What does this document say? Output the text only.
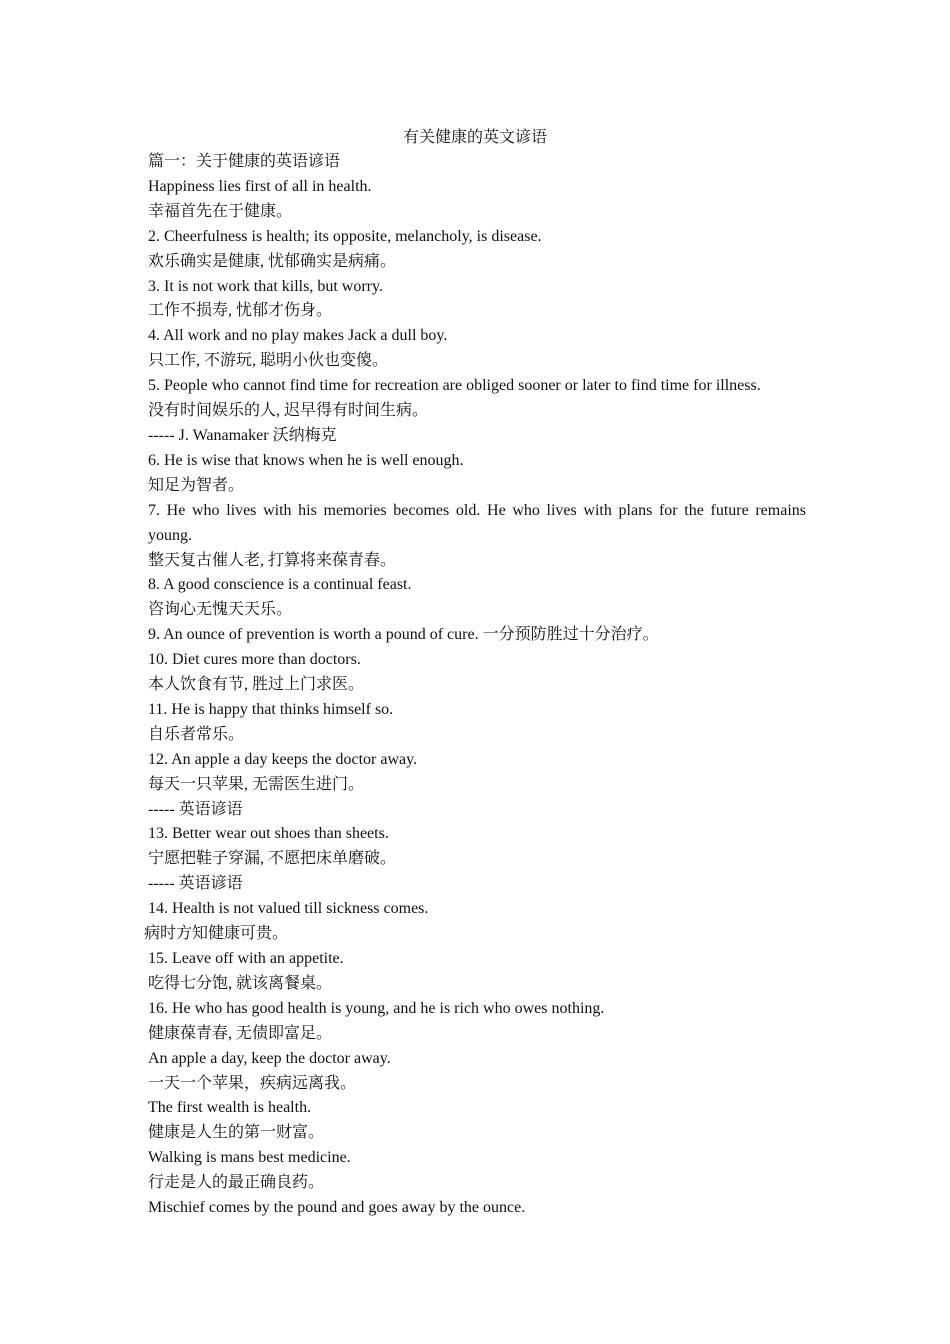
有关健康的英文谚语
篇一：关于健康的英语谚语
Happiness lies first of all in health.
幸福首先在于健康。
2. Cheerfulness is health; its opposite, melancholy, is disease.
欢乐确实是健康, 忧郁确实是病痛。
3. It is not work that kills, but worry.
工作不损寿, 忧郁才伤身。
4. All work and no play makes Jack a dull boy.
只工作, 不游玩, 聪明小伙也变傻。
5. People who cannot find time for recreation are obliged sooner or later to find time for illness.
没有时间娱乐的人, 迟早得有时间生病。
----- J. Wanamaker 沃纳梅克
6. He is wise that knows when he is well enough.
知足为智者。
7. He who lives with his memories becomes old. He who lives with plans for the future remains young.
整天复古催人老, 打算将来葆青春。
8. A good conscience is a continual feast.
咨询心无愧天天乐。
9. An ounce of prevention is worth a pound of cure. 一分预防胜过十分治疗。
10. Diet cures more than doctors.
本人饮食有节, 胜过上门求医。
11. He is happy that thinks himself so.
自乐者常乐。
12. An apple a day keeps the doctor away.
每天一只苹果, 无需医生进门。
----- 英语谚语
13. Better wear out shoes than sheets.
宁愿把鞋子穿漏, 不愿把床单磨破。
----- 英语谚语
14. Health is not valued till sickness comes.
病时方知健康可贵。
15. Leave off with an appetite.
吃得七分饱, 就该离餐桌。
16. He who has good health is young, and he is rich who owes nothing.
健康葆青春, 无债即富足。
An apple a day, keep the doctor away.
一天一个苹果，疾病远离我。
The first wealth is health.
健康是人生的第一财富。
Walking is mans best medicine.
行走是人的最正确良药。
Mischief comes by the pound and goes away by the ounce.
